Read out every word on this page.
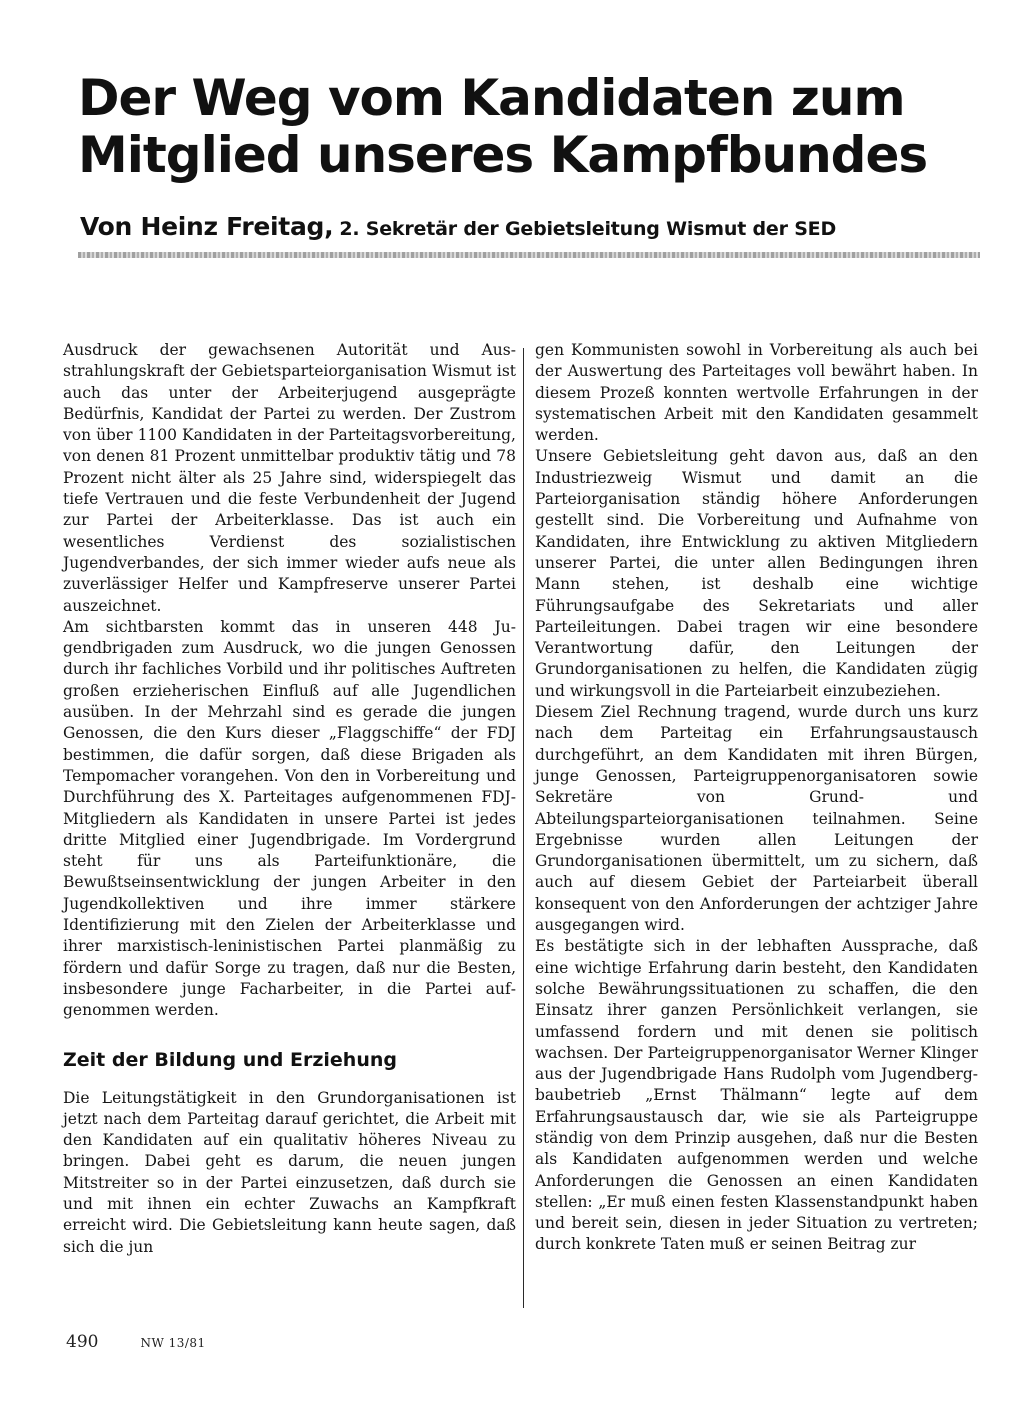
Der Weg vom Kandidaten zum
Mitglied unseres Kampfbundes
Von Heinz Freitag, 2. Sekretär der Gebietsleitung Wismut der SED

Ausdruck der gewachsenen Autorität und Ausstrahlungskraft der Gebietsparteiorganisation Wismut ist auch das unter der Arbeiterjugend ausgeprägte Bedürfnis, Kandidat der Partei zu werden. Der Zustrom von über 1100 Kandidaten in der Parteitagsvorbereitung, von denen 81 Prozent unmittelbar produktiv tätig und 78 Prozent nicht älter als 25 Jahre sind, widerspiegelt das tiefe Vertrauen und die feste Verbundenheit der Jugend zur Partei der Arbeiterklasse. Das ist auch ein wesentliches Verdienst des sozialistischen Jugendverbandes, der sich immer wieder aufs neue als zuverlässiger Helfer und Kampfreserve unserer Partei auszeichnet.

Am sichtbarsten kommt das in unseren 448 Jugendbrigaden zum Ausdruck, wo die jungen Genossen durch ihr fachliches Vorbild und ihr politisches Auftreten großen erzieherischen Einfluß auf alle Jugendlichen ausüben. In der Mehrzahl sind es gerade die jungen Genossen, die den Kurs dieser „Flaggschiffe“ der FDJ bestimmen, die dafür sorgen, daß diese Brigaden als Tempomacher vorangehen. Von den in Vorbereitung und Durchführung des X. Parteitages aufgenommenen FDJ-Mitgliedern als Kandidaten in unsere Partei ist jedes dritte Mitglied einer Jugendbrigade. Im Vordergrund steht für uns als Parteifunktionäre, die Bewußtseinsentwicklung der jungen Arbeiter in den Jugendkollektiven und ihre immer stärkere Identifizierung mit den Zielen der Arbeiterklasse und ihrer marxistisch-leninistischen Partei planmäßig zu fördern und dafür Sorge zu tragen, daß nur die Besten, insbesondere junge Facharbeiter, in die Partei aufgenommen werden.

Zeit der Bildung und Erziehung

Die Leitungstätigkeit in den Grundorganisationen ist jetzt nach dem Parteitag darauf gerichtet, die Arbeit mit den Kandidaten auf ein qualitativ höheres Niveau zu bringen. Dabei geht es darum, die neuen jungen Mitstreiter so in der Partei einzusetzen, daß durch sie und mit ihnen ein echter Zuwachs an Kampfkraft erreicht wird. Die Gebietsleitung kann heute sagen, daß sich die jun

gen Kommunisten sowohl in Vorbereitung als auch bei der Auswertung des Parteitages voll bewährt haben. In diesem Prozeß konnten wertvolle Erfahrungen in der systematischen Arbeit mit den Kandidaten gesammelt werden.

Unsere Gebietsleitung geht davon aus, daß an den Industriezweig Wismut und damit an die Parteiorganisation ständig höhere Anforderungen gestellt sind. Die Vorbereitung und Aufnahme von Kandidaten, ihre Entwicklung zu aktiven Mitgliedern unserer Partei, die unter allen Bedingungen ihren Mann stehen, ist deshalb eine wichtige Führungsaufgabe des Sekretariats und aller Parteileitungen. Dabei tragen wir eine besondere Verantwortung dafür, den Leitungen der Grundorganisationen zu helfen, die Kandidaten zügig und wirkungsvoll in die Parteiarbeit einzubeziehen.

Diesem Ziel Rechnung tragend, wurde durch uns kurz nach dem Parteitag ein Erfahrungsaustausch durchgeführt, an dem Kandidaten mit ihren Bürgen, junge Genossen, Parteigruppenorganisatoren sowie Sekretäre von Grund- und Abteilungsparteiorganisationen teilnahmen. Seine Ergebnisse wurden allen Leitungen der Grundorganisationen übermittelt, um zu sichern, daß auch auf diesem Gebiet der Parteiarbeit überall konsequent von den Anforderungen der achtziger Jahre ausgegangen wird.

Es bestätigte sich in der lebhaften Aussprache, daß eine wichtige Erfahrung darin besteht, den Kandidaten solche Bewährungssituationen zu schaffen, die den Einsatz ihrer ganzen Persönlichkeit verlangen, sie umfassend fordern und mit denen sie politisch wachsen. Der Parteigruppenorganisator Werner Klinger aus der Jugendbrigade Hans Rudolph vom Jugendbergbaubetrieb „Ernst Thälmann“ legte auf dem Erfahrungsaustausch dar, wie sie als Parteigruppe ständig von dem Prinzip ausgehen, daß nur die Besten als Kandidaten aufgenommen werden und welche Anforderungen die Genossen an einen Kandidaten stellen: „Er muß einen festen Klassenstandpunkt haben und bereit sein, diesen in jeder Situation zu vertreten; durch konkrete Taten muß er seinen Beitrag zur

490	NW 13/81
